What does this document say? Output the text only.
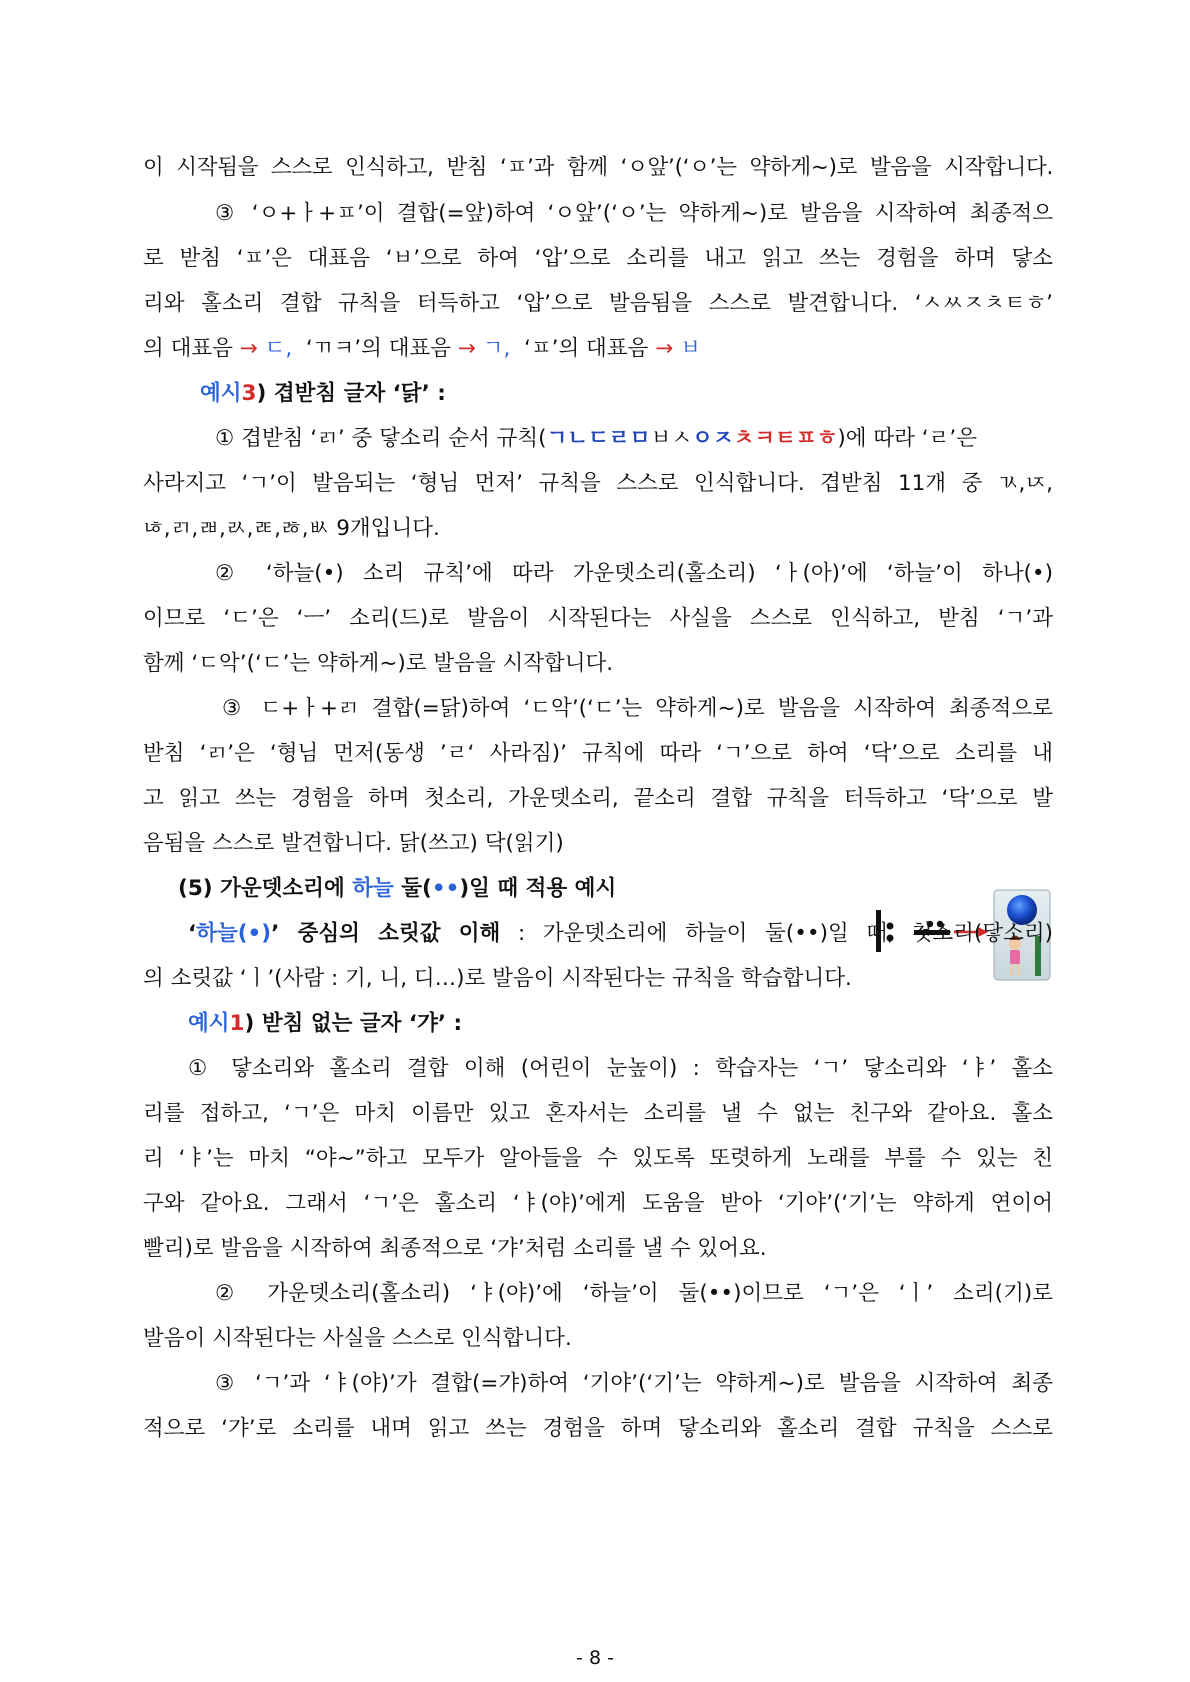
이 시작됨을 스스로 인식하고, 받침 ‘ㅍ’과 함께 ‘ㅇ앞’(‘ㅇ’는 약하게~)로 발음을 시작합니다.
③ ‘ㅇ+ㅏ+ㅍ’이 결합(=앞)하여 ‘ㅇ앞’(‘ㅇ’는 약하게~)로 발음을 시작하여 최종적으
로 받침 ‘ㅍ’은 대표음 ‘ㅂ’으로 하여 ‘압’으로 소리를 내고 읽고 쓰는 경험을 하며 닿소
리와 홀소리 결합 규칙을 터득하고 ‘압’으로 발음됨을 스스로 발견합니다. ‘ㅅㅆㅈㅊㅌㅎ’
의 대표음 → ㄷ, ‘ㄲㅋ’의 대표음 → ㄱ, ‘ㅍ’의 대표음 → ㅂ
예시3) 겹받침 글자 ‘닭’ :
① 겹받침 ‘ㄺ’ 중 닿소리 순서 규칙(ㄱㄴㄷㄹㅁㅂㅅㅇㅈㅊㅋㅌㅍㅎ)에 따라 ‘ㄹ’은
사라지고 ‘ㄱ’이 발음되는 ‘형님 먼저’ 규칙을 스스로 인식합니다. 겹받침 11개 중 ㄳ,ㄵ,
ㄶ,ㄺ,ㄼ,ㄽ,ㄾ,ㅀ,ㅄ 9개입니다.
② ‘하늘(•) 소리 규칙’에 따라 가운뎃소리(홀소리) ‘ㅏ(아)’에 ‘하늘’이 하나(•)
이므로 ‘ㄷ’은 ‘ㅡ’ 소리(드)로 발음이 시작된다는 사실을 스스로 인식하고, 받침 ‘ㄱ’과
함께 ‘ㄷ악’(‘ㄷ’는 약하게~)로 발음을 시작합니다.
③ ㄷ+ㅏ+ㄺ 결합(=닭)하여 ‘ㄷ악’(‘ㄷ’는 약하게~)로 발음을 시작하여 최종적으로
받침 ‘ㄺ’은 ‘형님 먼저(동생 ’ㄹ‘ 사라짐)’ 규칙에 따라 ‘ㄱ’으로 하여 ‘닥’으로 소리를 내
고 읽고 쓰는 경험을 하며 첫소리, 가운뎃소리, 끝소리 결합 규칙을 터득하고 ‘닥’으로 발
음됨을 스스로 발견합니다. 닭(쓰고) 닥(읽기)
(5) 가운뎃소리에 하늘 둘(••)일 때 적용 예시
‘하늘(•)’ 중심의 소릿값 이해 : 가운뎃소리에 하늘이 둘(••)일 때, 첫소리(닿소리)
의 소릿값 ‘ㅣ’(사람 : 기, 니, 디…)로 발음이 시작된다는 규칙을 학습합니다.
예시1) 받침 없는 글자 ‘갸’ :
① 닿소리와 홀소리 결합 이해 (어린이 눈높이) : 학습자는 ‘ㄱ’ 닿소리와 ‘ㅑ’ 홀소
리를 접하고, ‘ㄱ’은 마치 이름만 있고 혼자서는 소리를 낼 수 없는 친구와 같아요. 홀소
리 ‘ㅑ’는 마치 “야~”하고 모두가 알아들을 수 있도록 또렷하게 노래를 부를 수 있는 친
구와 같아요. 그래서 ‘ㄱ’은 홀소리 ‘ㅑ(야)’에게 도움을 받아 ‘기야’(‘기’는 약하게 연이어
빨리)로 발음을 시작하여 최종적으로 ‘갸’처럼 소리를 낼 수 있어요.
② 가운뎃소리(홀소리) ‘ㅑ(야)’에 ‘하늘’이 둘(••)이므로 ‘ㄱ’은 ‘ㅣ’ 소리(기)로
발음이 시작된다는 사실을 스스로 인식합니다.
③ ‘ㄱ’과 ‘ㅑ(야)’가 결합(=갸)하여 ‘기야’(‘기’는 약하게~)로 발음을 시작하여 최종
적으로 ‘갸’로 소리를 내며 읽고 쓰는 경험을 하며 닿소리와 홀소리 결합 규칙을 스스로
- 8 -
